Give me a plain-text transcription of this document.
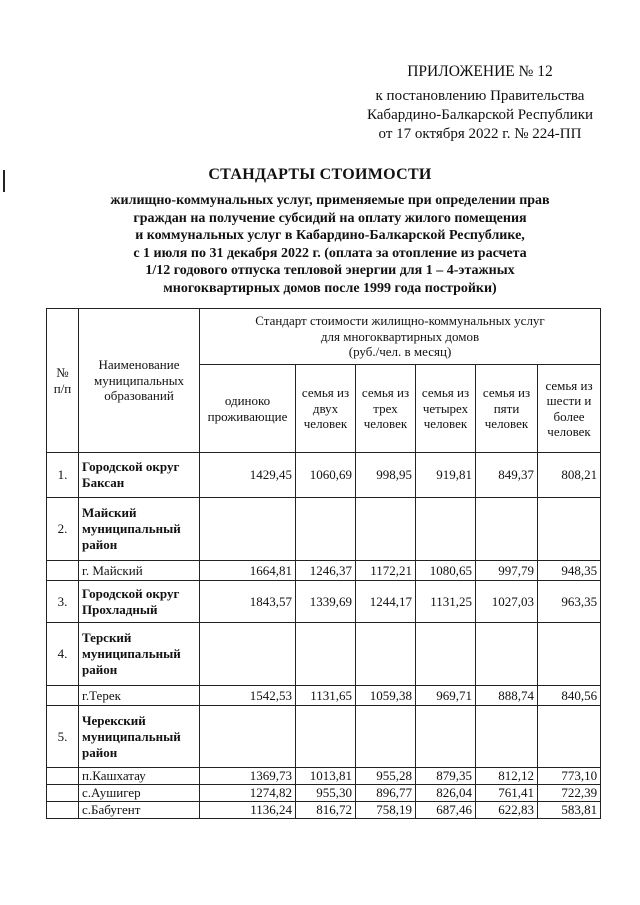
ПРИЛОЖЕНИЕ № 12
к постановлению Правительства
Кабардино-Балкарской Республики
от 17 октября 2022 г. № 224-ПП
СТАНДАРТЫ СТОИМОСТИ
жилищно-коммунальных услуг, применяемые при определении прав
граждан на получение субсидий на оплату жилого помещения
и коммунальных услуг в Кабардино-Балкарской Республике,
с 1 июля по 31 декабря 2022 г. (оплата за отопление из расчета
1/12 годового отпуска тепловой энергии для 1 – 4-этажных
многоквартирных домов после 1999 года постройки)
№ п/п	Наименование муниципальных образований	Стандарт стоимости жилищно-коммунальных услуг
для многоквартирных домов
(руб./чел. в месяц)					

		одиноко проживающие	семья из двух человек	семья из трех человек	семья из четырех человек	семья из пяти человек	семья из шести и более человек
1.	Городской округ Баксан	1429,45	1060,69	998,95	919,81	849,37	808,21
2.	Майский муниципальный район						
	г. Майский	1664,81	1246,37	1172,21	1080,65	997,79	948,35
3.	Городской округ Прохладный	1843,57	1339,69	1244,17	1131,25	1027,03	963,35
4.	Терский муниципальный район						
	г.Терек	1542,53	1131,65	1059,38	969,71	888,74	840,56
5.	Черекский муниципальный район						
	п.Кашхатау	1369,73	1013,81	955,28	879,35	812,12	773,10
	с.Аушигер	1274,82	955,30	896,77	826,04	761,41	722,39
	с.Бабугент	1136,24	816,72	758,19	687,46	622,83	583,81
